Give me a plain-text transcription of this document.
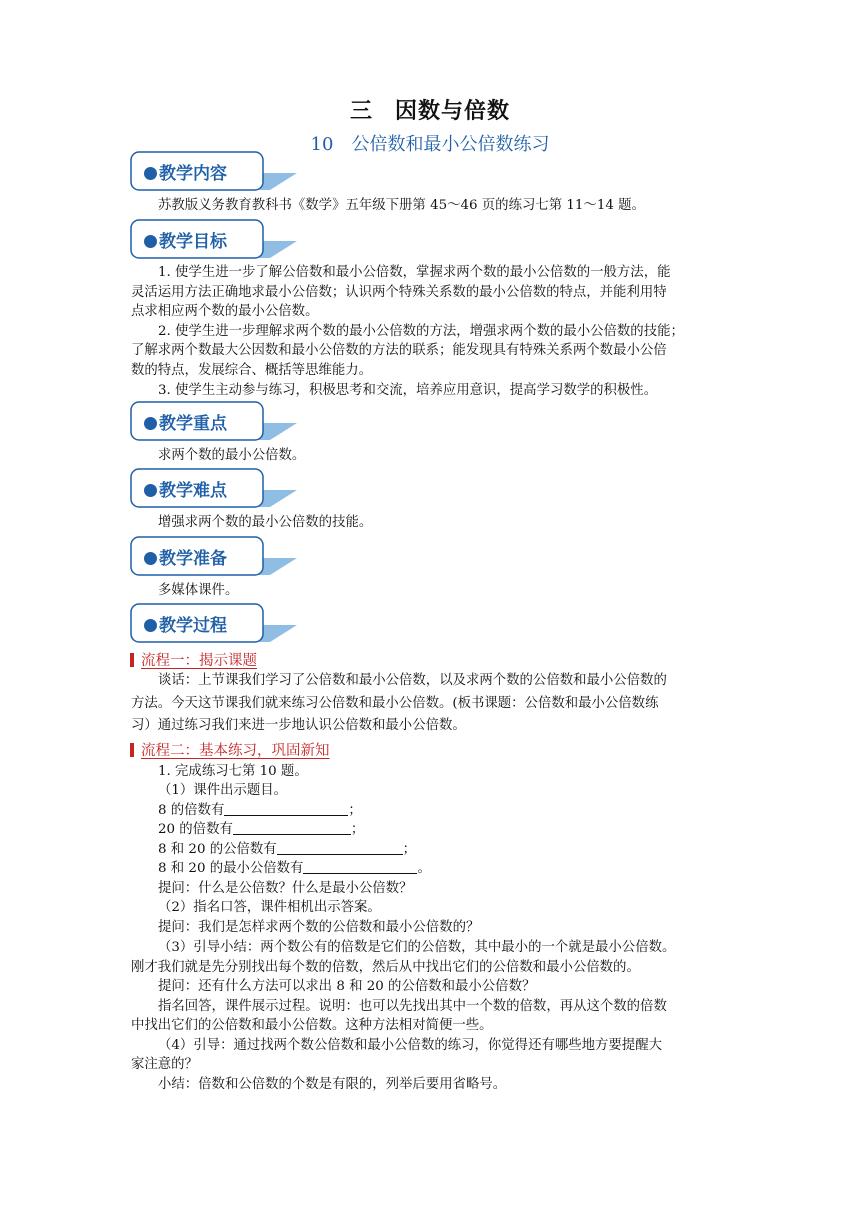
三 因数与倍数
10 公倍数和最小公倍数练习
教学内容
苏教版义务教育教科书《数学》五年级下册第 45～46 页的练习七第 11～14 题。
教学目标
1. 使学生进一步了解公倍数和最小公倍数，掌握求两个数的最小公倍数的一般方法，能
灵活运用方法正确地求最小公倍数；认识两个特殊关系数的最小公倍数的特点，并能利用特
点求相应两个数的最小公倍数。
2. 使学生进一步理解求两个数的最小公倍数的方法，增强求两个数的最小公倍数的技能；
了解求两个数最大公因数和最小公倍数的方法的联系；能发现具有特殊关系两个数最小公倍
数的特点，发展综合、概括等思维能力。
3. 使学生主动参与练习，积极思考和交流，培养应用意识，提高学习数学的积极性。
教学重点
求两个数的最小公倍数。
教学难点
增强求两个数的最小公倍数的技能。
教学准备
多媒体课件。
教学过程
流程一：揭示课题
谈话：上节课我们学习了公倍数和最小公倍数，以及求两个数的公倍数和最小公倍数的
方法。今天这节课我们就来练习公倍数和最小公倍数。(板书课题：公倍数和最小公倍数练
习）通过练习我们来进一步地认识公倍数和最小公倍数。
流程二：基本练习，巩固新知
1. 完成练习七第 10 题。
（1）课件出示题目。
8 的倍数有	；
20 的倍数有	；
8 和 20 的公倍数有	；
8 和 20 的最小公倍数有	。
提问：什么是公倍数？什么是最小公倍数？
（2）指名口答，课件相机出示答案。
提问：我们是怎样求两个数的公倍数和最小公倍数的？
（3）引导小结：两个数公有的倍数是它们的公倍数，其中最小的一个就是最小公倍数。
刚才我们就是先分别找出每个数的倍数，然后从中找出它们的公倍数和最小公倍数的。
提问：还有什么方法可以求出 8 和 20 的公倍数和最小公倍数？
指名回答，课件展示过程。说明：也可以先找出其中一个数的倍数，再从这个数的倍数
中找出它们的公倍数和最小公倍数。这种方法相对简便一些。
（4）引导：通过找两个数公倍数和最小公倍数的练习，你觉得还有哪些地方要提醒大
家注意的？
小结：倍数和公倍数的个数是有限的，列举后要用省略号。
